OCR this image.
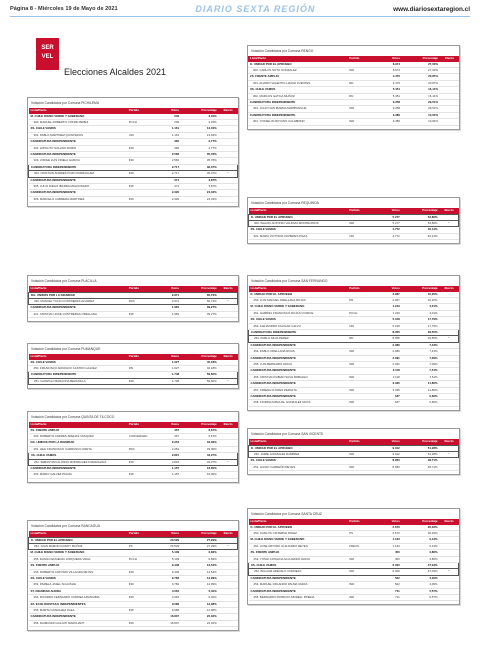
Página 8 - Miércoles 19 de Mayo de 2021	DIARIO SEXTA REGIÓN	www.diariosextaregion.cl
SER
VEL
Elecciones Alcaldes 2021
Votación Candidatos por Comuna PICHILEMU
Lista/Pacto	Partido	Votos	Porcentaje	Electo
M. CHILE DIGNO VERDE Y SOBERANO		249	3,04%	
300. MANUEL ROBERTO COFRE PEREZ	PCCH	249	3,04%	
XS. CHILE VAMOS		1.161	13,04%	
301. PABLO MARTINEZ QUINTEROS	UDI	1.161	13,04%	
CANDIDATURA INDEPENDIENTE		360	2,77%	
302. HIPOLITO SOLANO RUBIO	IND	360	2,77%	
CANDIDATURA INDEPENDIENTE		2.566	35,78%	
303. JORGE LUIS VIDELA GARCIA	IND	2.566	35,78%	
CANDIDATURA INDEPENDIENTE		2.717	36,37%	
304. CRISTIAN ANDRES POZO PARRAGUEZ	IND	2.717	36,37%	*
CANDIDATURA INDEPENDIENTE		371	3,87%	
305. JULIO DIEGO IBARRA MALDONADO	IND	371	3,87%	
CANDIDATURA INDEPENDIENTE		2.320	24,33%	
306. MARCELO CABRERA MARTINEZ	IND	2.320	24,33%	
Votación Candidatos por Comuna PLACILLA
Lista/Pacto	Partido	Votos	Porcentaje	Electo
DG. UNIDOS POR LA DIGNIDAD		2.971	60,73%	
320. MANUEL TULIO CONTRERAS ALVAREZ	PDC	2.971	60,73%	*
CANDIDATURA INDEPENDIENTE		1.981	39,27%	
321. CRISTIAN JOSE CONTRERAS ORELLANA	IND	1.981	39,27%	
Votación Candidatos por Comuna PUMANQUE
Lista/Pacto	Partido	Votos	Porcentaje	Electo
XS. CHILE VAMOS		1.027	40,18%	
250. FRANCISCO ARNOLDO CASTRO GALVEZ	RN	1.027	40,18%	
CANDIDATURA INDEPENDIENTE		1.748	59,60%	
251. GONZALO BARAONA BEZANILLA	IND	1.748	59,60%	*
Votación Candidatos por Comuna QUINTA DE TILCOCO
Lista/Pacto	Partido	Votos	Porcentaje	Electo
ZS. FRENTE AMPLIO		467	6,67%	
250. ROBERTO ANDRES ARENAS VASQUEZ	CONVERGEN	467	6,67%	
DG. UNIDOS POR LA DIGNIDAD		2.254	33,06%	
251. HELI FRANCISCO CARRASCO URETA	PDC	2.254	33,06%	
XS. CHILE VAMOS		2.815	42,27%	
252. SEBASTIAN ALONSO RODRIGUEZ FUENZALIDA	IND	2.815	42,27%	*
CANDIDATURA INDEPENDIENTE		1.157	16,00%	
253. MARIO GALVEZ PALMA	IND	1.157	16,00%	
Votación Candidatos por Comuna RANCAGUA
Lista/Pacto	Partido	Votos	Porcentaje	Electo
K. UNIDAD POR EL APRUEBO		20.529	27,29%	
254. JUAN RAMON GODOY MUÑOZ	PS	20.529	27,29%	*
M. CHILE DIGNO VERDE Y SOBERANO		5.139	6,83%	
255. DANILO EUGENIO JORQUERA VIDAL	PCCH	5.139	6,83%	
ZS. FRENTE AMPLIO		9.448	12,54%	
256. ROBERTO ANTONIO VILLAGRA REYES	IND	9.448	12,54%	
XS. CHILE VAMOS		9.782	12,99%	
253. PAMELA JASEL SCHUSLIE	IND	9.782	12,99%	
ST. DIGNIDAD AHORA		4.064	5,40%	
254. RICARDO FERNANDO CORREA ARANCIBIA	IND	4.064	5,40%	
XZ. ECOLOGISTAS E INDEPENDIENTES		9.086	12,08%	
255. MARTA GONZALEZ OLEA	IND	9.086	12,08%	
CANDIDATURA INDEPENDIENTE		16.807	22,32%	
256. RAIMUNDO AGLIATI MARCHANT	IND	16.807	22,32%	
Votación Candidatos por Comuna RENGO
Lista/Pacto	Partido	Votos	Porcentaje	Electo
K. UNIDAD POR EL APRUEBO		8.974	27,00%	
300. CARLOS SOTO GONZALEZ	IND	8.974	27,00%	
ZS. FRENTE AMPLIO		4.470	20,87%	
301. ALVARO VALENTIN LIZANA FUENTES	RD	4.470	20,87%	
XS. CHILE VAMOS		5.451	16,14%	
302. MARCOS GATICA MUÑOZ	RN	5.451	16,14%	
CANDIDATURA INDEPENDIENTE		9.258	29,51%	
303. JULIO IVAN IBARRA MARIPANGUE	IND	9.258	29,51%	
CANDIDATURA INDEPENDIENTE		3.280	10,64%	
304. YOSSELIN MOYANO CALABRINO	IND	3.280	10,64%	
Votación Candidatos por Comuna REQUINOA
Lista/Pacto	Partido	Votos	Porcentaje	Electo
K. UNIDAD POR EL APRUEBO		5.277	53,86%	
300. WALDO ANTONIO VALDIVIA MONTECINOS	IND	5.277	53,86%	*
XS. CHILE VAMOS		4.772	46,14%	
301. MARIA VICTORIA CAVIERES PAVIA	UDI	4.772	46,14%	
Votación Candidatos por Comuna SAN FERNANDO
Lista/Pacto	Partido	Votos	Porcentaje	Electo
K. UNIDAD POR EL APRUEBO		2.967	10,20%	
250. LUIS MANUEL ORELLANA ROJAS	PR	2.967	10,20%	
M. CHILE DIGNO VERDE Y SOBERANO		1.243	4,01%	
251. GABRIEL FRANCISCO ROJAS OYARCE	PCCH	1.243	4,01%	
XS. CHILE VAMOS		5.018	17,79%	
252. ALEJANDRO AGUILAR CALVO	UDI	5.018	17,79%	
CANDIDATURA INDEPENDIENTE		8.055	29,55%	
253. PABLO SILVA PEREZ	RD	8.055	29,55%	*
CANDIDATURA INDEPENDIENTE		2.080	7,43%	
254. PABLO ORELLANA RIVAS	IND	2.080	7,43%	
CANDIDATURA INDEPENDIENTE		2.091	7,09%	
255. LUIS BERNARDI ARAYA	IND	2.091	7,09%	
CANDIDATURA INDEPENDIENTE		2.118	7,51%	
256. CRISTIAN FABIAN SILVA ROBALEO	IND	2.118	7,51%	
CANDIDATURA INDEPENDIENTE		3.335	11,80%	
257. XIMENA FLORES PERALTA	IND	3.335	11,80%	
CANDIDATURA INDEPENDIENTE		187	0,66%	
258. FIORINA MISCHAL GONZALEZ MOYA	IND	187	0,66%	
Votación Candidatos por Comuna SAN VICENTE
Lista/Pacto	Partido	Votos	Porcentaje	Electo
K. UNIDAD POR EL APRUEBO		9.312	51,28%	
250. JAIME GONZALEZ RAMIREZ	IND	9.312	51,28%	*
XS. CHILE VAMOS		8.950	48,71%	
251. GUIDO CARREÑO REYES	IND	8.950	48,71%	
Votación Candidatos por Comuna SANTA CRUZ
Lista/Pacto	Partido	Votos	Porcentaje	Electo
K. UNIDAD POR EL APRUEBO		2.670	26,33%	
250. CARLOS CISTERNA PAVEZ	PS	2.670	26,33%	
M. CHILE DIGNO VERDE Y SOBERANO		1.163	9,13%	
251. JOSE ARTURO GUAJARDO REYES	FREVS	1.163	9,13%	
ZS. FRENTE AMPLIO		450	3,86%	
252. YOSHI CATALINA GUAJARDO ARAYA	IND	450	3,86%	
XS. CHILE VAMOS		6.000	47,03%	
252. WILLIAM ARÉVALO CORNEJO	IND	6.000	47,03%	*
CANDIDATURA INDEPENDIENTE		522	4,09%	
254. MANUEL ORLANDO PALMA VARAS	IND	522	4,09%	
CANDIDATURA INDEPENDIENTE		711	5,57%	
255. BERNARDO PATRICIO MORELL PINEDA	IND	711	5,57%	
